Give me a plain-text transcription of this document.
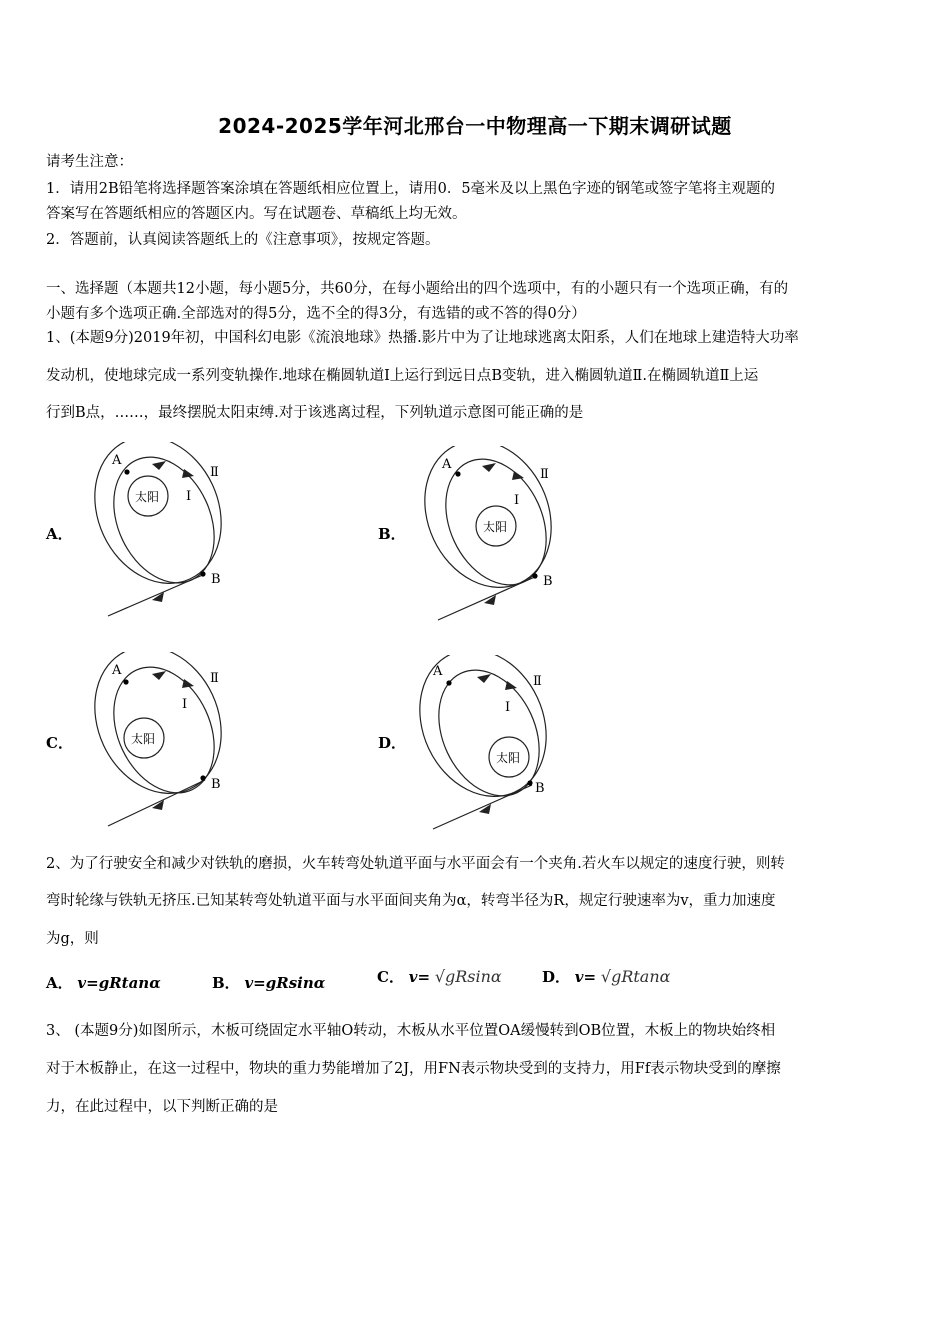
2024-2025学年河北邢台一中物理高一下期末调研试题
请考生注意：
1．请用2B铅笔将选择题答案涂填在答题纸相应位置上，请用0．5毫米及以上黑色字迹的钢笔或签字笔将主观题的
答案写在答题纸相应的答题区内。写在试题卷、草稿纸上均无效。
2．答题前，认真阅读答题纸上的《注意事项》，按规定答题。
一、选择题（本题共12小题，每小题5分，共60分，在每小题给出的四个选项中，有的小题只有一个选项正确，有的
小题有多个选项正确.全部选对的得5分，选不全的得3分，有选错的或不答的得0分）
1、(本题9分)2019年初，中国科幻电影《流浪地球》热播.影片中为了让地球逃离太阳系，人们在地球上建造特大功率
发动机，使地球完成一系列变轨操作.地球在椭圆轨道Ⅰ上运行到远日点B变轨，进入椭圆轨道Ⅱ.在椭圆轨道Ⅱ上运
行到B点，……，最终摆脱太阳束缚.对于该逃离过程，下列轨道示意图可能正确的是
A．	B．
C．	D．
A
B
Ⅱ
Ⅰ
太阳
A
B
Ⅱ
Ⅰ
太阳
A
B
Ⅱ
Ⅰ
太阳
A
B
Ⅱ
Ⅰ
太阳
2、为了行驶安全和减少对铁轨的磨损，火车转弯处轨道平面与水平面会有一个夹角.若火车以规定的速度行驶，则转
弯时轮缘与铁轨无挤压.已知某转弯处轨道平面与水平面间夹角为α，转弯半径为R，规定行驶速率为v，重力加速度
为g，则
A． v=gRtanα	B． v=gRsinα	C． v= √gRsinα	D． v= √gRtanα
3、 (本题9分)如图所示，木板可绕固定水平轴O转动，木板从水平位置OA缓慢转到OB位置，木板上的物块始终相
对于木板静止，在这一过程中，物块的重力势能增加了2J，用FN表示物块受到的支持力，用Ff表示物块受到的摩擦
力，在此过程中，以下判断正确的是
